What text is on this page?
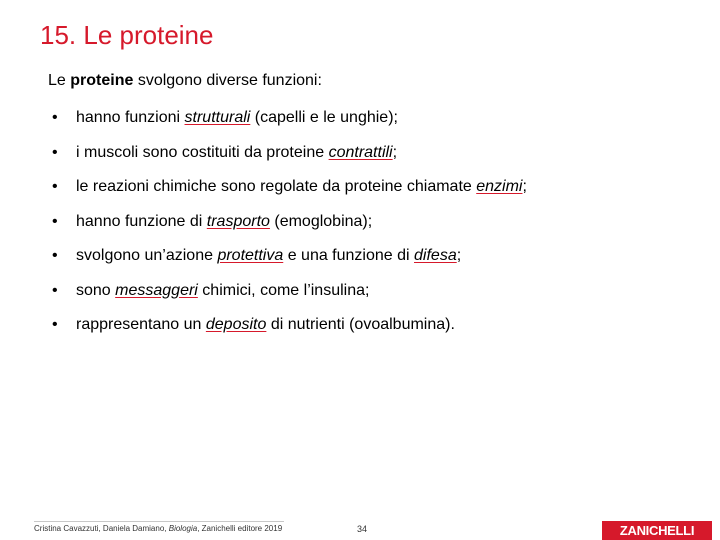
15. Le proteine
Le proteine svolgono diverse funzioni:
• hanno funzioni strutturali (capelli e le unghie);
• i muscoli sono costituiti da proteine contrattili;
• le reazioni chimiche sono regolate da proteine chiamate enzimi;
• hanno funzione di trasporto (emoglobina);
• svolgono un’azione protettiva e una funzione di difesa;
• sono messaggeri chimici, come l’insulina;
• rappresentano un deposito di nutrienti (ovoalbumina).
Cristina Cavazzuti, Daniela Damiano, Biologia, Zanichelli editore 2019	34	ZANICHELLI
